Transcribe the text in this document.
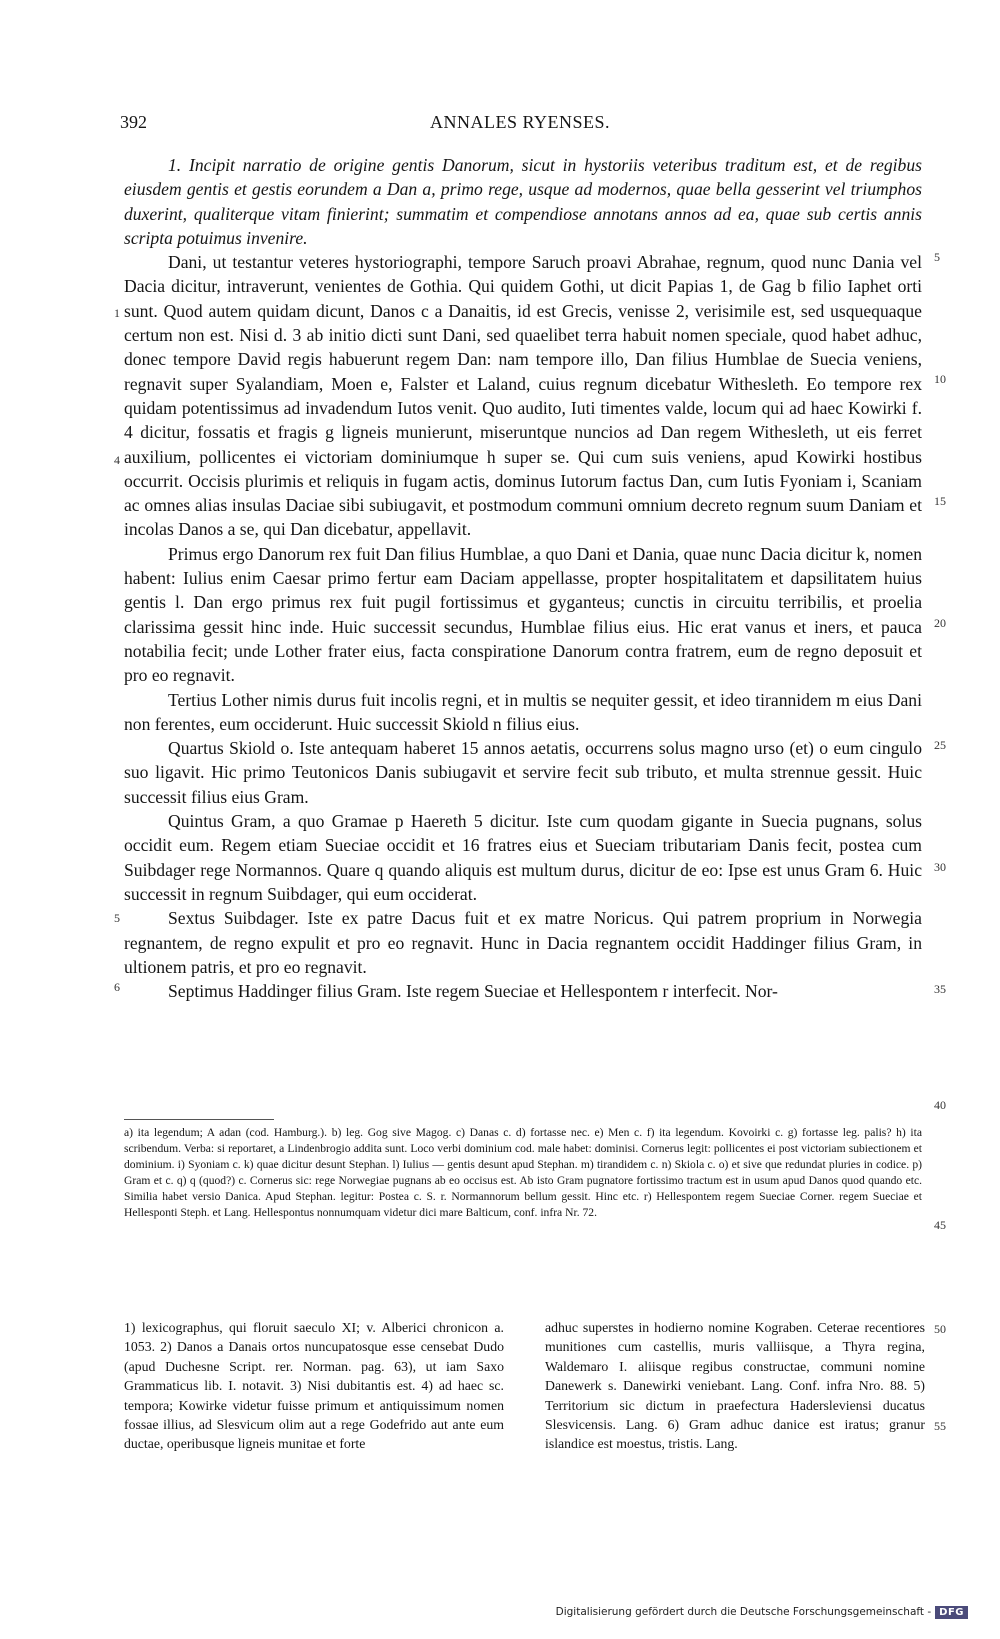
392	ANNALES RYENSES.

1. Incipit narratio de origine gentis Danorum, sicut in hystoriis veteribus traditum est, et de regibus eiusdem gentis et gestis eorundem a Dan a, primo rege, usque ad modernos, quae bella gesserint vel triumphos duxerint, qualiterque vitam finierint; summatim et compendiose annotans annos ad ea, quae sub certis annis scripta potuimus invenire.

Dani, ut testantur veteres hystoriographi, tempore Saruch proavi Abrahae, regnum, quod nunc Dania vel Dacia dicitur, intraverunt, venientes de Gothia. Qui quidem Gothi, ut dicit Papias 1, de Gag b filio Iaphet orti sunt. Quod autem quidam dicunt, Danos c a Danaitis, id est Grecis, venisse 2, verisimile est, sed usquequaque certum non est. Nisi d. 3 ab initio dicti sunt Dani, sed quaelibet terra habuit nomen speciale, quod habet adhuc, donec tempore David regis habuerunt regem Dan: nam tempore illo, Dan filius Humblae de Suecia veniens, regnavit super Syalandiam, Moen e, Falster et Laland, cuius regnum dicebatur Withesleth. Eo tempore rex quidam potentissimus ad invadendum Iutos venit. Quo audito, Iuti timentes valde, locum qui ad haec Kowirki f. 4 dicitur, fossatis et fragis g ligneis munierunt, miseruntque nuncios ad Dan regem Withesleth, ut eis ferret auxilium, pollicentes ei victoriam dominiumque h super se. Qui cum suis veniens, apud Kowirki hostibus occurrit. Occisis plurimis et reliquis in fugam actis, dominus Iutorum factus Dan, cum Iutis Fyoniam i, Scaniam ac omnes alias insulas Daciae sibi subiugavit, et postmodum communi omnium decreto regnum suum Daniam et incolas Danos a se, qui Dan dicebatur, appellavit.

Primus ergo Danorum rex fuit Dan filius Humblae, a quo Dani et Dania, quae nunc Dacia dicitur k, nomen habent: Iulius enim Caesar primo fertur eam Daciam appellasse, propter hospitalitatem et dapsilitatem huius gentis l. Dan ergo primus rex fuit pugil fortissimus et gyganteus; cunctis in circuitu terribilis, et proelia clarissima gessit hinc inde. Huic successit secundus, Humblae filius eius. Hic erat vanus et iners, et pauca notabilia fecit; unde Lother frater eius, facta conspiratione Danorum contra fratrem, eum de regno deposuit et pro eo regnavit.

Tertius Lother nimis durus fuit incolis regni, et in multis se nequiter gessit, et ideo tirannidem m eius Dani non ferentes, eum occiderunt. Huic successit Skiold n filius eius.

Quartus Skiold o. Iste antequam haberet 15 annos aetatis, occurrens solus magno urso (et) o eum cingulo suo ligavit. Hic primo Teutonicos Danis subiugavit et servire fecit sub tributo, et multa strennue gessit. Huic successit filius eius Gram.

Quintus Gram, a quo Gramae p Haereth 5 dicitur. Iste cum quodam gigante in Suecia pugnans, solus occidit eum. Regem etiam Sueciae occidit et 16 fratres eius et Sueciam tributariam Danis fecit, postea cum Suibdager rege Normannos. Quare q quando aliquis est multum durus, dicitur de eo: Ipse est unus Gram 6. Huic successit in regnum Suibdager, qui eum occiderat.

Sextus Suibdager. Iste ex patre Dacus fuit et ex matre Noricus. Qui patrem proprium in Norwegia regnantem, de regno expulit et pro eo regnavit. Hunc in Dacia regnantem occidit Haddinger filius Gram, in ultionem patris, et pro eo regnavit.

Septimus Haddinger filius Gram. Iste regem Sueciae et Hellespontem r interfecit. Nor-

5
10
15
20
25
30
35
40
1
4
5
6
a) ita legendum; A adan (cod. Hamburg.). b) leg. Gog sive Magog. c) Danas c. d) fortasse nec. e) Men c. f) ita legendum. Kovoirki c. g) fortasse leg. palis? h) ita scribendum. Verba: si reportaret, a Lindenbrogio addita sunt. Loco verbi dominium cod. male habet: dominisi. Cornerus legit: pollicentes ei post victoriam subiectionem et dominium. i) Syoniam c. k) quae dicitur desunt Stephan. l) Iulius — gentis desunt apud Stephan. m) tirandidem c. n) Skiola c. o) et sive que redundat pluries in codice. p) Gram et c. q) q (quod?) c. Cornerus sic: rege Norwegiae pugnans ab eo occisus est. Ab isto Gram pugnatore fortissimo tractum est in usum apud Danos quod quando etc. Similia habet versio Danica. Apud Stephan. legitur: Postea c. S. r. Normannorum bellum gessit. Hinc etc. r) Hellespontem regem Sueciae Corner. regem Sueciae et Hellesponti Steph. et Lang. Hellespontus nonnumquam videtur dici mare Balticum, conf. infra Nr. 72.
45
1) lexicographus, qui floruit saeculo XI; v. Alberici chronicon a. 1053. 2) Danos a Danais ortos nuncupatosque esse censebat Dudo (apud Duchesne Script. rer. Norman. pag. 63), ut iam Saxo Grammaticus lib. I. notavit. 3) Nisi dubitantis est. 4) ad haec sc. tempora; Kowirke videtur fuisse primum et antiquissimum nomen fossae illius, ad Slesvicum olim aut a rege Godefrido aut ante eum ductae, operibusque ligneis munitae et forte
adhuc superstes in hodierno nomine Kograben. Ceterae recentiores munitiones cum castellis, muris valliisque, a Thyra regina, Waldemaro I. aliisque regibus constructae, communi nomine Danewerk s. Danewirki veniebant. Lang. Conf. infra Nro. 88. 5) Territorium sic dictum in praefectura Hadersleviensi ducatus Slesvicensis. Lang. 6) Gram adhuc danice est iratus; granur islandice est moestus, tristis. Lang.
50
55
Digitalisierung gefördert durch die Deutsche Forschungsgemeinschaft - DFG
